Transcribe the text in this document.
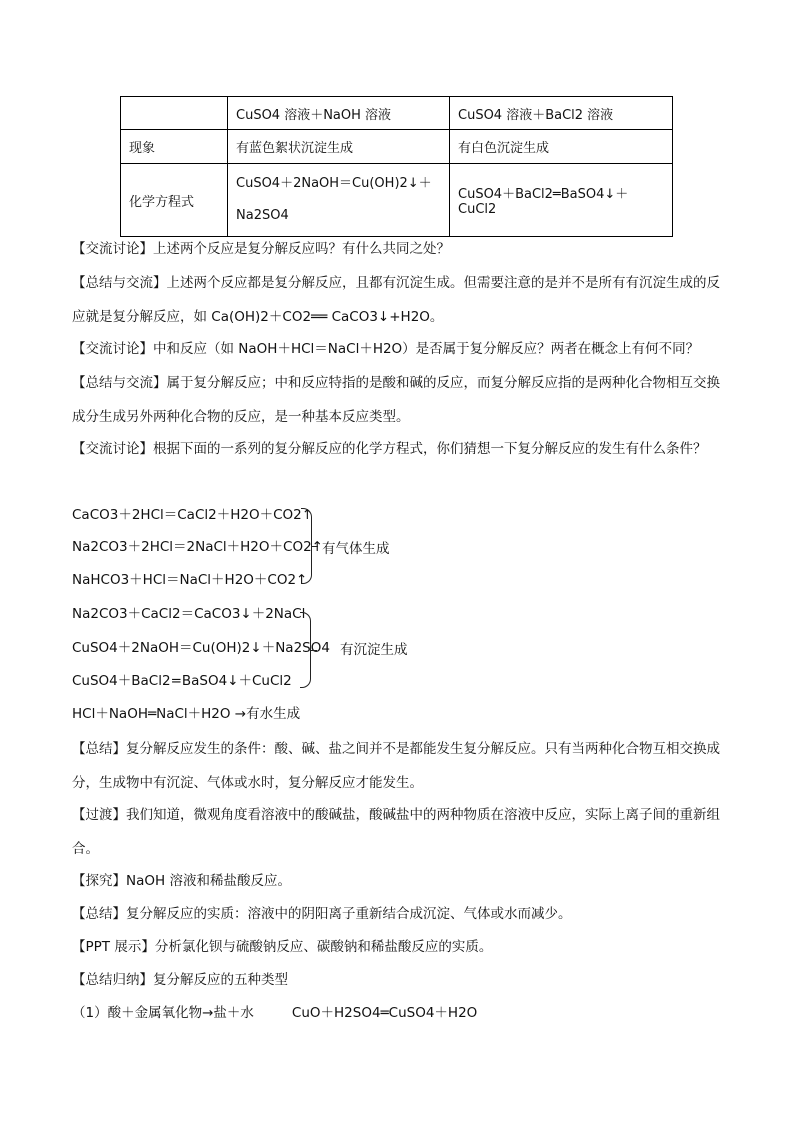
	CuSO4 溶液＋NaOH 溶液	CuSO4 溶液＋BaCl2 溶液
现象	有蓝色絮状沉淀生成	有白色沉淀生成
化学方程式	CuSO4＋2NaOH＝Cu(OH)2↓＋Na2SO4	CuSO4＋BaCl2═BaSO4↓＋CuCl2

【交流讨论】上述两个反应是复分解反应吗？有什么共同之处？

【总结与交流】上述两个反应都是复分解反应，且都有沉淀生成。但需要注意的是并不是所有有沉淀生成的反应就是复分解反应，如 Ca(OH)2＋CO2══ CaCO3↓+H2O。

【交流讨论】中和反应（如 NaOH＋HCl＝NaCl＋H2O）是否属于复分解反应？两者在概念上有何不同？

【总结与交流】属于复分解反应；中和反应特指的是酸和碱的反应，而复分解反应指的是两种化合物相互交换成分生成另外两种化合物的反应，是一种基本反应类型。

【交流讨论】根据下面的一系列的复分解反应的化学方程式，你们猜想一下复分解反应的发生有什么条件？

CaCO3＋2HCl＝CaCl2＋H2O＋CO2↑
Na2CO3＋2HCl＝2NaCl＋H2O＋CO2↑
NaHCO3＋HCl＝NaCl＋H2O＋CO2↑
有气体生成
Na2CO3＋CaCl2＝CaCO3↓＋2NaCl
CuSO4＋2NaOH＝Cu(OH)2↓＋Na2SO4
CuSO4＋BaCl2=BaSO4↓＋CuCl2
有沉淀生成
HCl＋NaOH═NaCl＋H2O →有水生成

【总结】复分解反应发生的条件：酸、碱、盐之间并不是都能发生复分解反应。只有当两种化合物互相交换成分，生成物中有沉淀、气体或水时，复分解反应才能发生。

【过渡】我们知道，微观角度看溶液中的酸碱盐，酸碱盐中的两种物质在溶液中反应，实际上离子间的重新组合。

【探究】NaOH 溶液和稀盐酸反应。

【总结】复分解反应的实质：溶液中的阴阳离子重新结合成沉淀、气体或水而减少。

【PPT 展示】分析氯化钡与硫酸钠反应、碳酸钠和稀盐酸反应的实质。

【总结归纳】复分解反应的五种类型

（1）酸＋金属氧化物→盐＋水	CuO＋H2SO4═CuSO4＋H2O
